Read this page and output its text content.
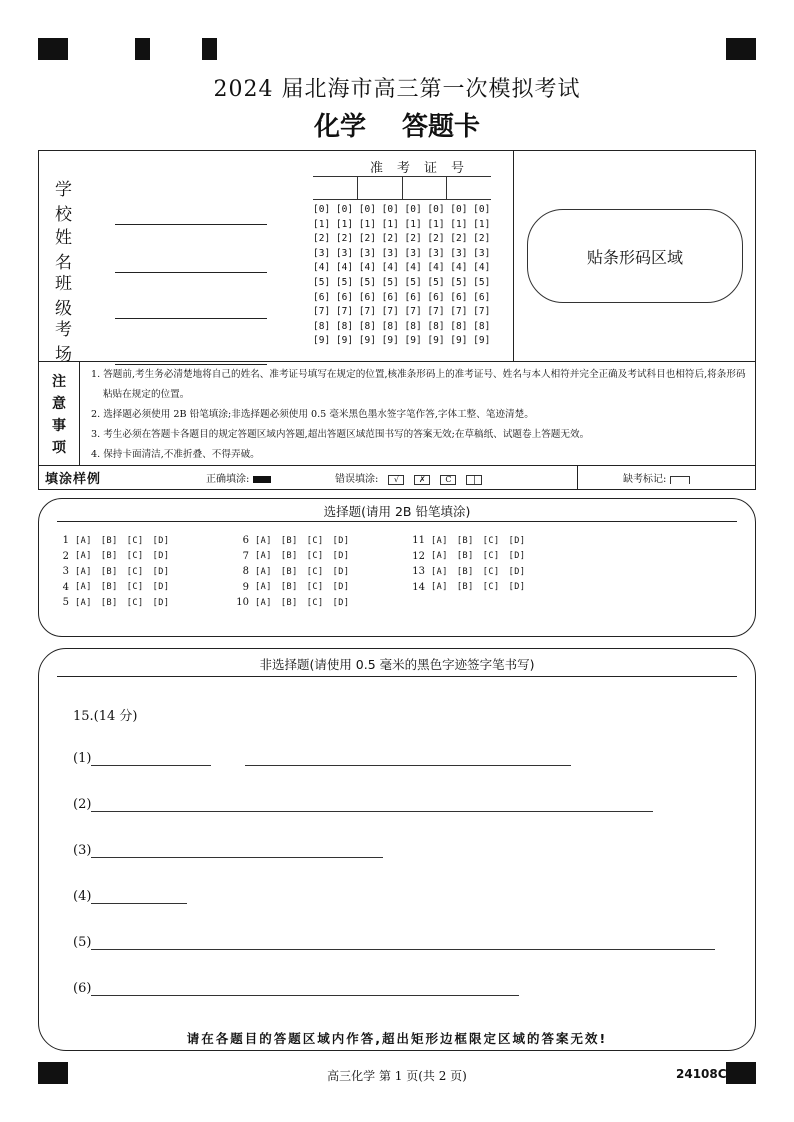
2024 届北海市高三第一次模拟考试
化学 答题卡
学 校
姓 名
班 级
考 场
准考证号
[0] [0] [0] [0] [0] [0] [0] [0]
[1] [1] [1] [1] [1] [1] [1] [1]
[2] [2] [2] [2] [2] [2] [2] [2]
[3] [3] [3] [3] [3] [3] [3] [3]
[4] [4] [4] [4] [4] [4] [4] [4]
[5] [5] [5] [5] [5] [5] [5] [5]
[6] [6] [6] [6] [6] [6] [6] [6]
[7] [7] [7] [7] [7] [7] [7] [7]
[8] [8] [8] [8] [8] [8] [8] [8]
[9] [9] [9] [9] [9] [9] [9] [9]
贴条形码区域
注意事项
1. 答题前,考生务必清楚地将自己的姓名、准考证号填写在规定的位置,核准条形码上的准考证号、姓名与本人相符并完全正确及考试科目也相符后,将条形码粘贴在规定的位置。
2. 选择题必须使用 2B 铅笔填涂;非选择题必须使用 0.5 毫米黑色墨水签字笔作答,字体工整、笔迹清楚。
3. 考生必须在答题卡各题目的规定答题区域内答题,超出答题区域范围书写的答案无效;在草稿纸、试题卷上答题无效。
4. 保持卡面清洁,不准折叠、不得弄破。
填涂样例	正确填涂:	错误填涂: √	✗ C	|	缺考标记:
选择题(请用 2B 铅笔填涂)
1 [A] [B] [C] [D]
2 [A] [B] [C] [D]
3 [A] [B] [C] [D]
4 [A] [B] [C] [D]
5 [A] [B] [C] [D]
6 [A] [B] [C] [D]
7 [A] [B] [C] [D]
8 [A] [B] [C] [D]
9 [A] [B] [C] [D]
10 [A] [B] [C] [D]
11 [A] [B] [C] [D]
12 [A] [B] [C] [D]
13 [A] [B] [C] [D]
14 [A] [B] [C] [D]
非选择题(请使用 0.5 毫米的黑色字迹签字笔书写)
15.(14 分)
(1)
(2)
(3)
(4)
(5)
(6)
请在各题目的答题区域内作答,超出矩形边框限定区域的答案无效!
高三化学 第 1 页(共 2 页)	24108C
